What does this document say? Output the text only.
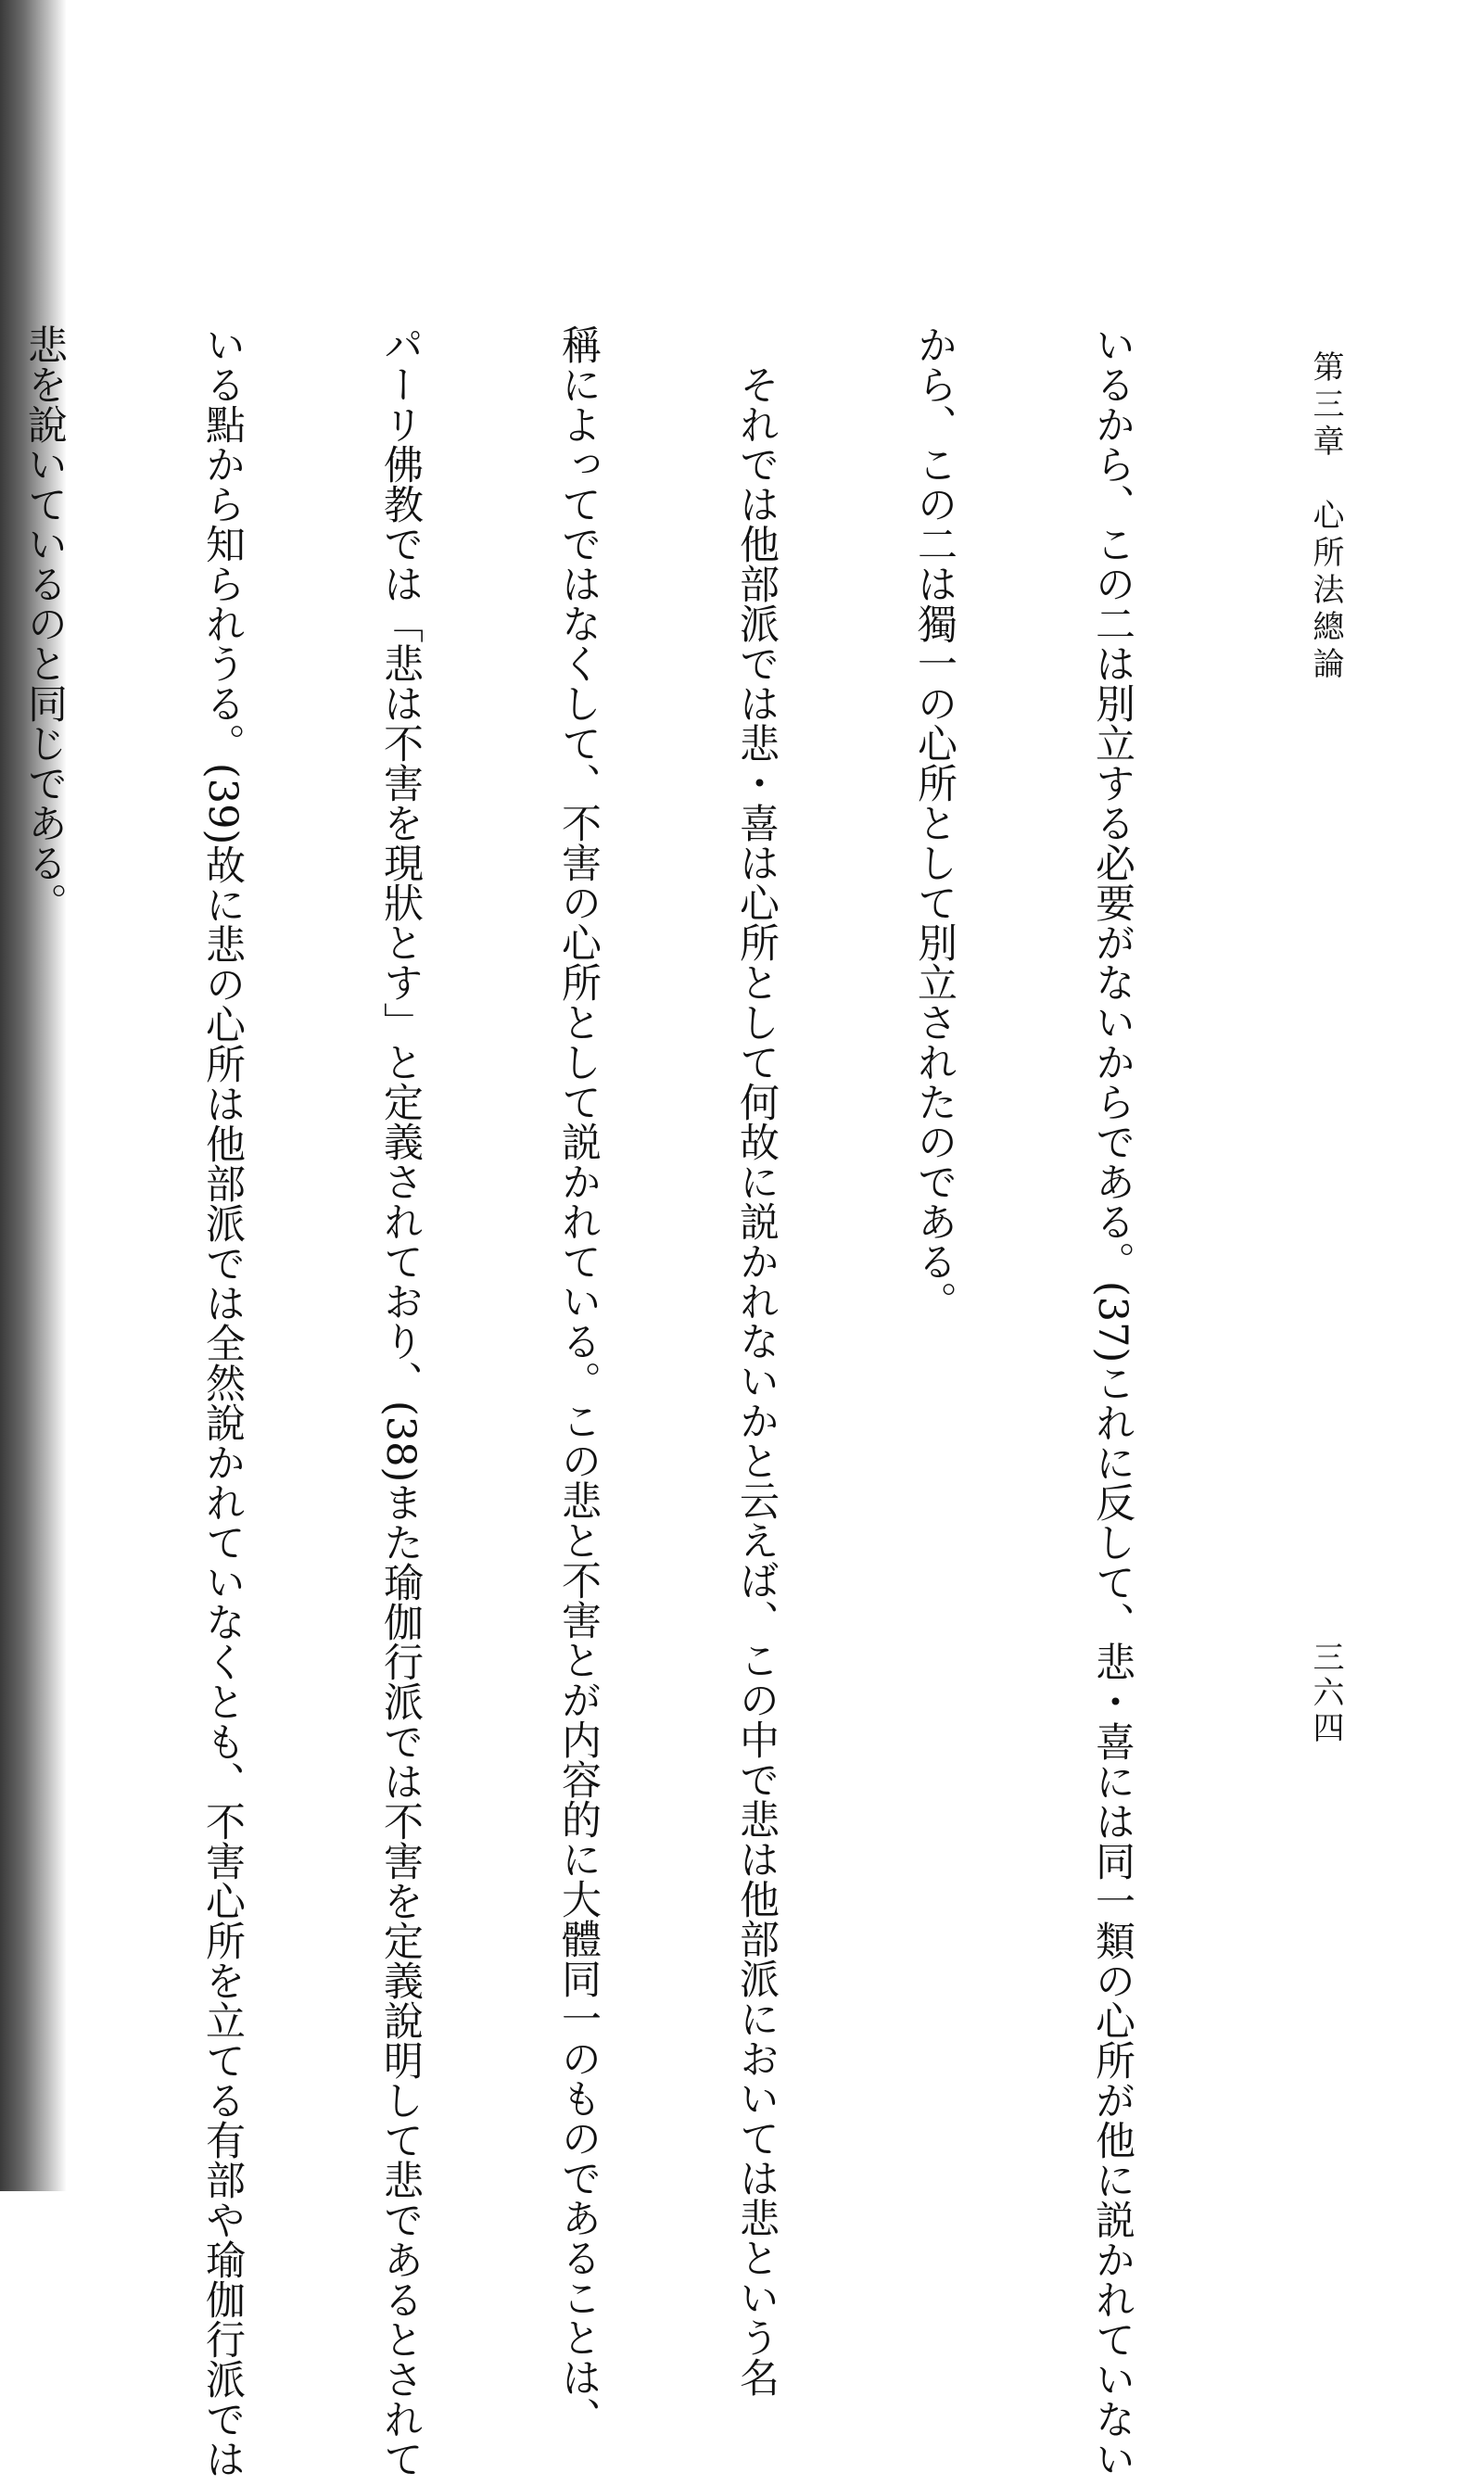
第三章　心所法總論
三六四

いるから、この二は別立する必要がないからである。(37)これに反して、悲・喜には同一類の心所が他に説かれていない

から、この二は獨一の心所として別立されたのである。

　それでは他部派では悲・喜は心所として何故に説かれないかと云えば、この中で悲は他部派においては悲という名

稱によってではなくして、不害の心所として説かれている。この悲と不害とが内容的に大體同一のものであることは、

パーリ佛教では「悲は不害を現狀とす」と定義されており、(38)また瑜伽行派では不害を定義說明して悲であるとされて

いる點から知られうる。(39)故に悲の心所は他部派では全然說かれていなくとも、不害心所を立てる有部や瑜伽行派では

悲を說いているのと同じである。
